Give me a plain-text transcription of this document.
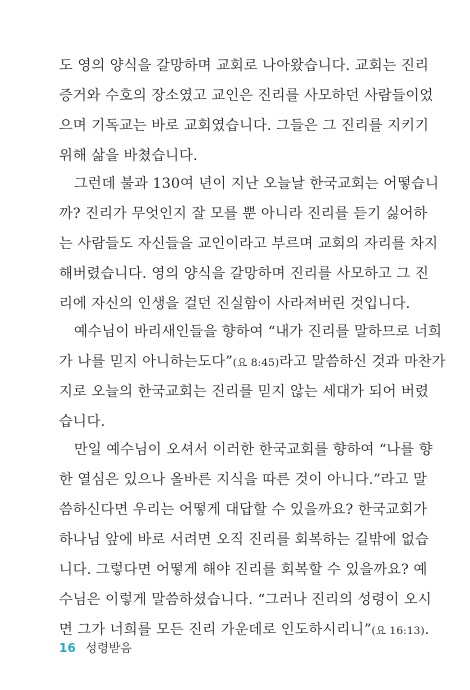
도 영의 양식을 갈망하며 교회로 나아왔습니다. 교회는 진리
증거와 수호의 장소였고 교인은 진리를 사모하던 사람들이었
으며 기독교는 바로 교회였습니다. 그들은 그 진리를 지키기
위해 삶을 바쳤습니다.
그런데 불과 130여 년이 지난 오늘날 한국교회는 어떻습니
까? 진리가 무엇인지 잘 모를 뿐 아니라 진리를 듣기 싫어하
는 사람들도 자신들을 교인이라고 부르며 교회의 자리를 차지
해버렸습니다. 영의 양식을 갈망하며 진리를 사모하고 그 진
리에 자신의 인생을 걸던 진실함이 사라져버린 것입니다.
예수님이 바리새인들을 향하여 “내가 진리를 말하므로 너희
가 나를 믿지 아니하는도다”(요 8:45)라고 말씀하신 것과 마찬가
지로 오늘의 한국교회는 진리를 믿지 않는 세대가 되어 버렸
습니다.
만일 예수님이 오셔서 이러한 한국교회를 향하여 “나를 향
한 열심은 있으나 올바른 지식을 따른 것이 아니다.”라고 말
씀하신다면 우리는 어떻게 대답할 수 있을까요? 한국교회가
하나님 앞에 바로 서려면 오직 진리를 회복하는 길밖에 없습
니다. 그렇다면 어떻게 해야 진리를 회복할 수 있을까요? 예
수님은 이렇게 말씀하셨습니다. “그러나 진리의 성령이 오시
면 그가 너희를 모든 진리 가운데로 인도하시리니”(요 16:13).
16 성령받음
